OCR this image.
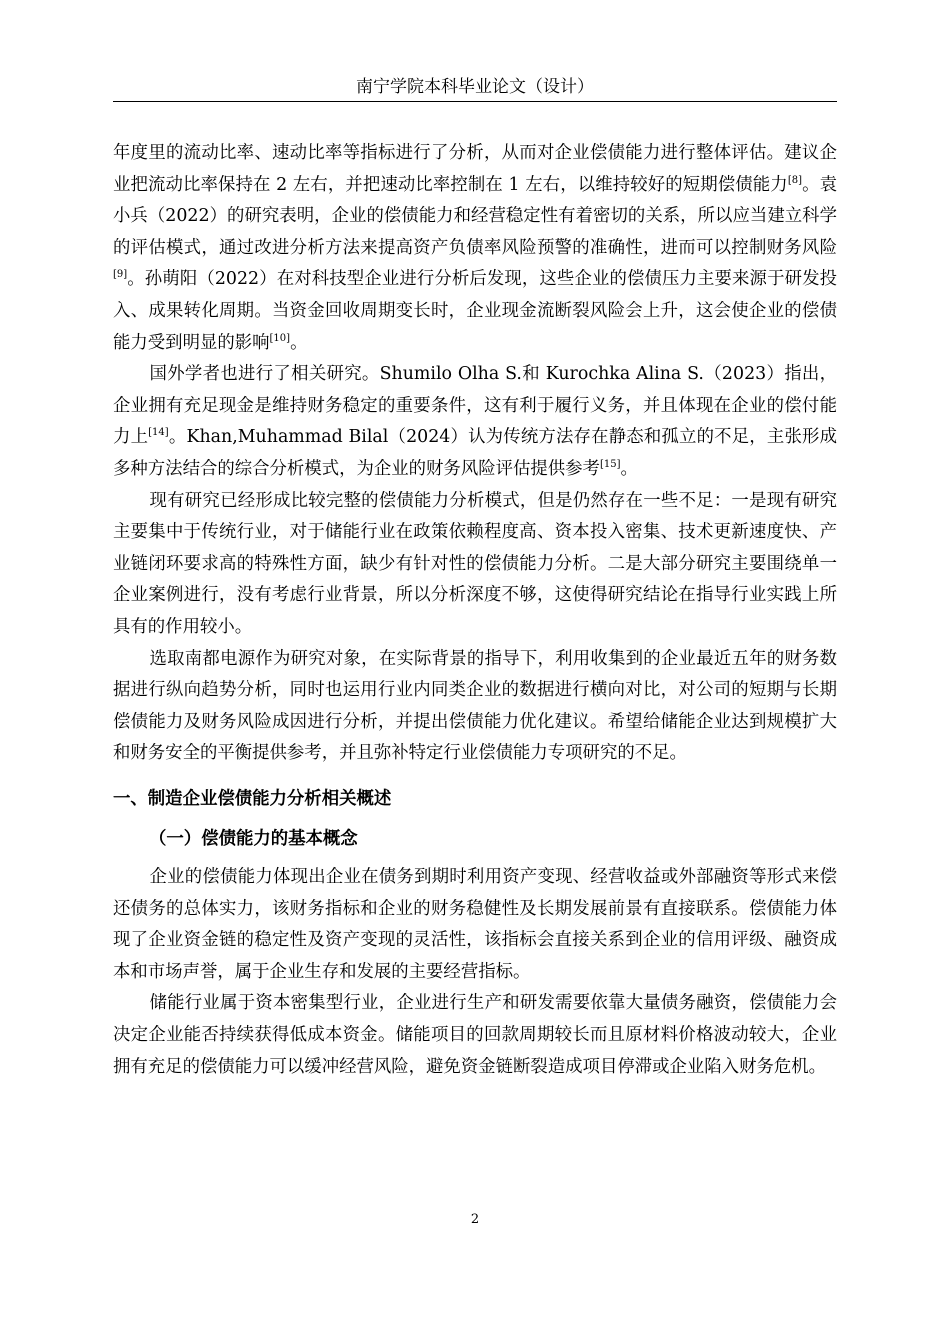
南宁学院本科毕业论文（设计）

年度里的流动比率、速动比率等指标进行了分析，从而对企业偿债能力进行整体评估。建议企业把流动比率保持在 2 左右，并把速动比率控制在 1 左右，以维持较好的短期偿债能力[8]。袁小兵（2022）的研究表明，企业的偿债能力和经营稳定性有着密切的关系，所以应当建立科学的评估模式，通过改进分析方法来提高资产负债率风险预警的准确性，进而可以控制财务风险[9]。孙萌阳（2022）在对科技型企业进行分析后发现，这些企业的偿债压力主要来源于研发投入、成果转化周期。当资金回收周期变长时，企业现金流断裂风险会上升，这会使企业的偿债能力受到明显的影响[10]。

国外学者也进行了相关研究。Shumilo Olha S.和 Kurochka Alina S.（2023）指出，企业拥有充足现金是维持财务稳定的重要条件，这有利于履行义务，并且体现在企业的偿付能力上[14]。Khan,Muhammad Bilal（2024）认为传统方法存在静态和孤立的不足，主张形成多种方法结合的综合分析模式，为企业的财务风险评估提供参考[15]。

现有研究已经形成比较完整的偿债能力分析模式，但是仍然存在一些不足：一是现有研究主要集中于传统行业，对于储能行业在政策依赖程度高、资本投入密集、技术更新速度快、产业链闭环要求高的特殊性方面，缺少有针对性的偿债能力分析。二是大部分研究主要围绕单一企业案例进行，没有考虑行业背景，所以分析深度不够，这使得研究结论在指导行业实践上所具有的作用较小。

选取南都电源作为研究对象，在实际背景的指导下，利用收集到的企业最近五年的财务数据进行纵向趋势分析，同时也运用行业内同类企业的数据进行横向对比，对公司的短期与长期偿债能力及财务风险成因进行分析，并提出偿债能力优化建议。希望给储能企业达到规模扩大和财务安全的平衡提供参考，并且弥补特定行业偿债能力专项研究的不足。

一、制造企业偿债能力分析相关概述

（一）偿债能力的基本概念

企业的偿债能力体现出企业在债务到期时利用资产变现、经营收益或外部融资等形式来偿还债务的总体实力，该财务指标和企业的财务稳健性及长期发展前景有直接联系。偿债能力体现了企业资金链的稳定性及资产变现的灵活性，该指标会直接关系到企业的信用评级、融资成本和市场声誉，属于企业生存和发展的主要经营指标。

储能行业属于资本密集型行业，企业进行生产和研发需要依靠大量债务融资，偿债能力会决定企业能否持续获得低成本资金。储能项目的回款周期较长而且原材料价格波动较大，企业拥有充足的偿债能力可以缓冲经营风险，避免资金链断裂造成项目停滞或企业陷入财务危机。

2
